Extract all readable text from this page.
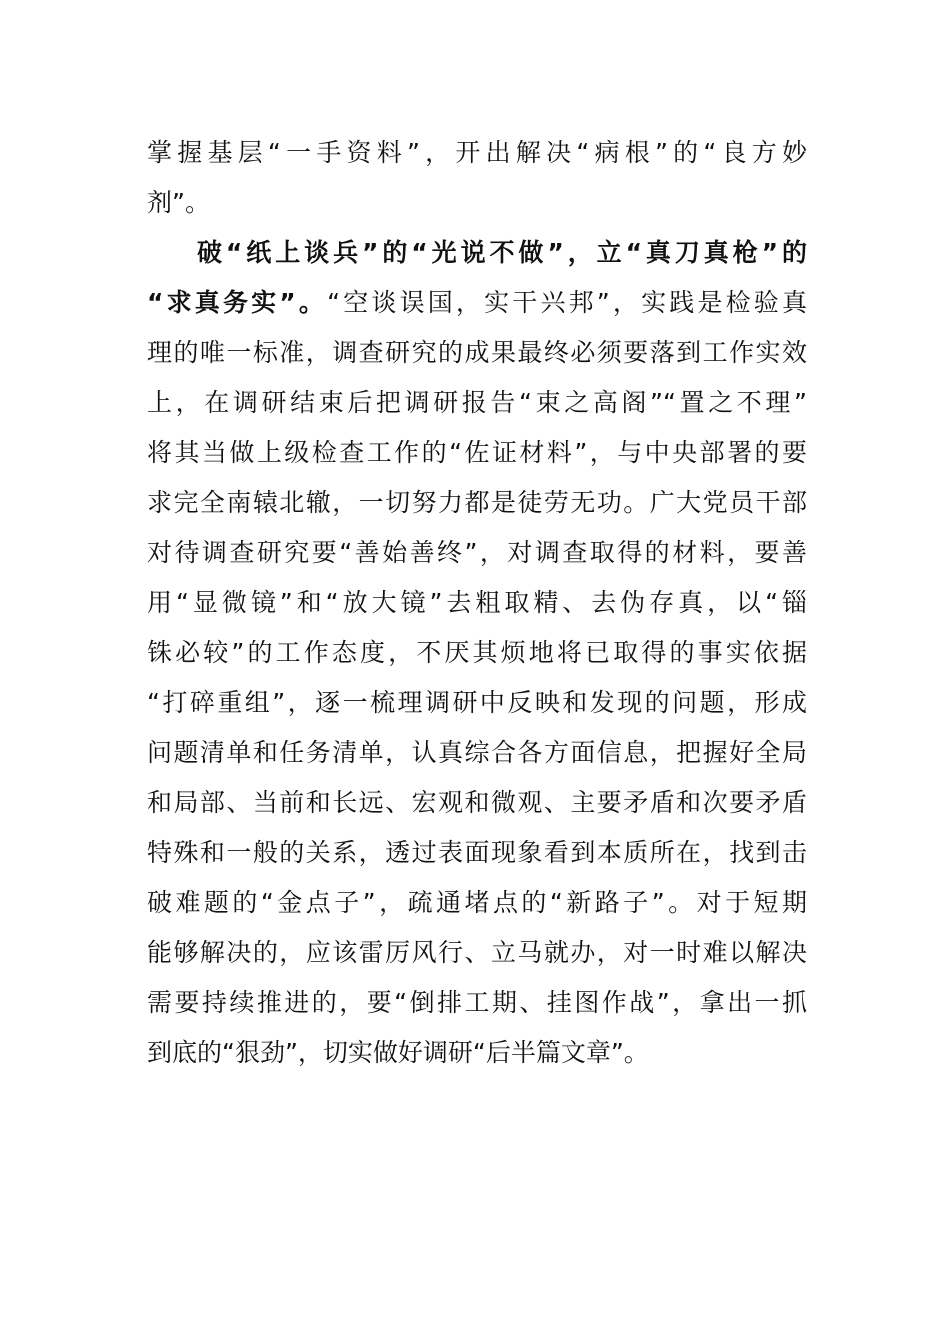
掌握基层“一手资料”，开出解决“病根”的“良方妙
剂”。
破“纸上谈兵”的“光说不做”，立“真刀真枪”的
“求真务实”。“空谈误国，实干兴邦”，实践是检验真
理的唯一标准，调查研究的成果最终必须要落到工作实效
上，在调研结束后把调研报告“束之高阁”“置之不理”
将其当做上级检查工作的“佐证材料”，与中央部署的要
求完全南辕北辙，一切努力都是徒劳无功。广大党员干部
对待调查研究要“善始善终”，对调查取得的材料，要善
用“显微镜”和“放大镜”去粗取精、去伪存真，以“锱
铢必较”的工作态度，不厌其烦地将已取得的事实依据
“打碎重组”，逐一梳理调研中反映和发现的问题，形成
问题清单和任务清单，认真综合各方面信息，把握好全局
和局部、当前和长远、宏观和微观、主要矛盾和次要矛盾
特殊和一般的关系，透过表面现象看到本质所在，找到击
破难题的“金点子”，疏通堵点的“新路子”。对于短期
能够解决的，应该雷厉风行、立马就办，对一时难以解决
需要持续推进的，要“倒排工期、挂图作战”，拿出一抓
到底的“狠劲”，切实做好调研“后半篇文章”。
